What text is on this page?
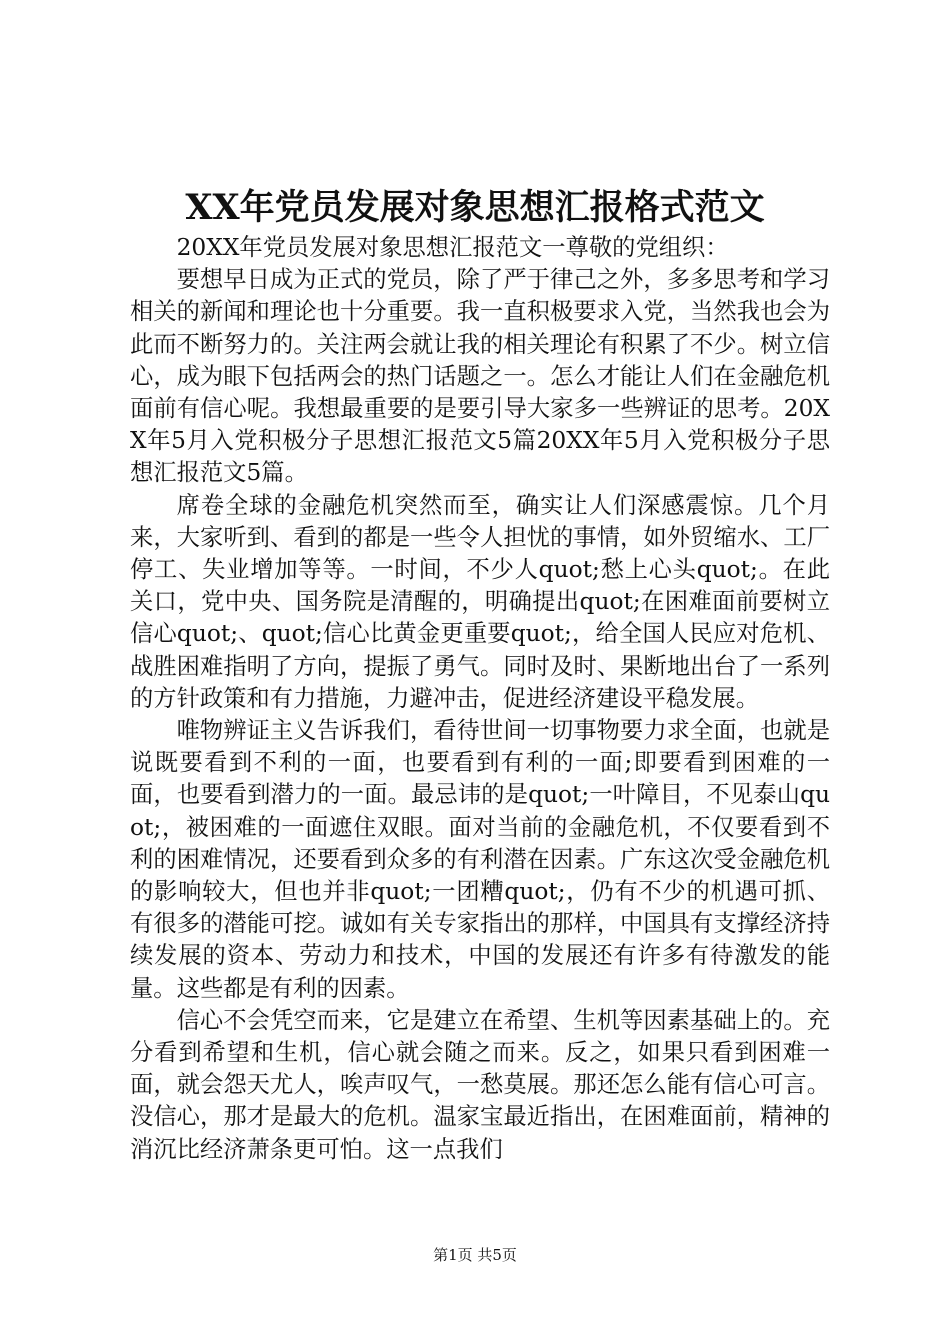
XX年党员发展对象思想汇报格式范文

20XX年党员发展对象思想汇报范文一尊敬的党组织：

要想早日成为正式的党员，除了严于律己之外，多多思考和学习相关的新闻和理论也十分重要。我一直积极要求入党，当然我也会为此而不断努力的。关注两会就让我的相关理论有积累了不少。树立信心，成为眼下包括两会的热门话题之一。怎么才能让人们在金融危机面前有信心呢。我想最重要的是要引导大家多一些辨证的思考。20XX年5月入党积极分子思想汇报范文5篇20XX年5月入党积极分子思想汇报范文5篇。

席卷全球的金融危机突然而至，确实让人们深感震惊。几个月来，大家听到、看到的都是一些令人担忧的事情，如外贸缩水、工厂停工、失业增加等等。一时间，不少人quot;愁上心头quot;。在此关口，党中央、国务院是清醒的，明确提出quot;在困难面前要树立信心quot;、quot;信心比黄金更重要quot;，给全国人民应对危机、战胜困难指明了方向，提振了勇气。同时及时、果断地出台了一系列的方针政策和有力措施，力避冲击，促进经济建设平稳发展。

唯物辨证主义告诉我们，看待世间一切事物要力求全面，也就是说既要看到不利的一面，也要看到有利的一面;即要看到困难的一面，也要看到潜力的一面。最忌讳的是quot;一叶障目，不见泰山quot;，被困难的一面遮住双眼。面对当前的金融危机，不仅要看到不利的困难情况，还要看到众多的有利潜在因素。广东这次受金融危机的影响较大，但也并非quot;一团糟quot;，仍有不少的机遇可抓、有很多的潜能可挖。诚如有关专家指出的那样，中国具有支撑经济持续发展的资本、劳动力和技术，中国的发展还有许多有待激发的能量。这些都是有利的因素。

信心不会凭空而来，它是建立在希望、生机等因素基础上的。充分看到希望和生机，信心就会随之而来。反之，如果只看到困难一面，就会怨天尤人，唉声叹气，一愁莫展。那还怎么能有信心可言。没信心，那才是最大的危机。温家宝最近指出，在困难面前，精神的消沉比经济萧条更可怕。这一点我们

第1页 共5页
